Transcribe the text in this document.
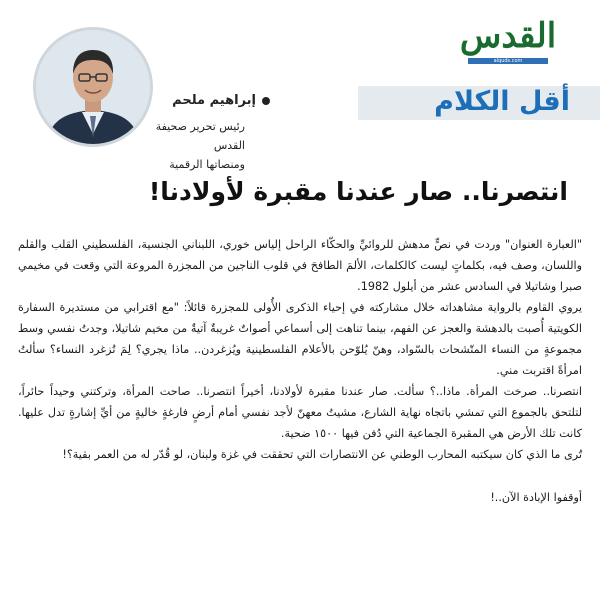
القدس
alquds.com
أقل الكلام
إبراهيم ملحم
رئيس تحرير صحيفة القدس
ومنصاتها الرقمية
انتصرنا.. صار عندنا مقبرة لأولادنا!

"العبارة العنوان" وردت في نصٍّ مدهش للروائيِّ والحكّاء الراحل إلياس خوري، اللبناني الجنسية، الفلسطيني القلب والقلم واللسان، وصف فيه، بكلماتٍ ليست كالكلمات، الألمَ الطافحَ في قلوب الناجين من المجزرة المروعة التي وقعت في مخيمي صبرا وشاتيلا في السادس عشر من أيلول 1982.

يروي القاوم بالرواية مشاهداته خلال مشاركته في إحياء الذكرى الأُولى للمجزرة قائلاً: "مع اقترابي من مستديرة السفارة الكويتية أُصبت بالدهشة والعجز عن الفهم، بينما تناهت إلى أسماعي أصواتٌ غريبةٌ آتيةٌ من مخيم شاتيلا، وجدتُ نفسي وسط مجموعةٍ من النساء المتّشحات بالسّواد، وهنّ يُلوّحن بالأعلام الفلسطينية ويُزغردن.. ماذا يجري؟ لِمَ تُزغرد النساء؟ سألتُ امرأةً اقتربت مني.

انتصرنا.. صرخت المرأة. ماذا..؟ سألت. صار عندنا مقبرة لأولادنا، أخيراً انتصرنا.. صاحت المرأة، وتركتني وحيداً حائراً، لتلتحق بالجموع التي تمشي باتجاه نهاية الشارع، مشيتُ معهنّ لأجد نفسي أمام أرضٍ فارغةٍ خاليةٍ من أيِّ إشارةٍ تدل عليها. كانت تلك الأرض هي المقبرة الجماعية التي دُفن فيها ١٥٠٠ ضحية.

تُرى ما الذي كان سيكتبه المحارب الوطني عن الانتصارات التي تحققت في غزة ولبنان، لو قُدّر له من العمر بقية؟!

أوقفوا الإبادة الآن..!
